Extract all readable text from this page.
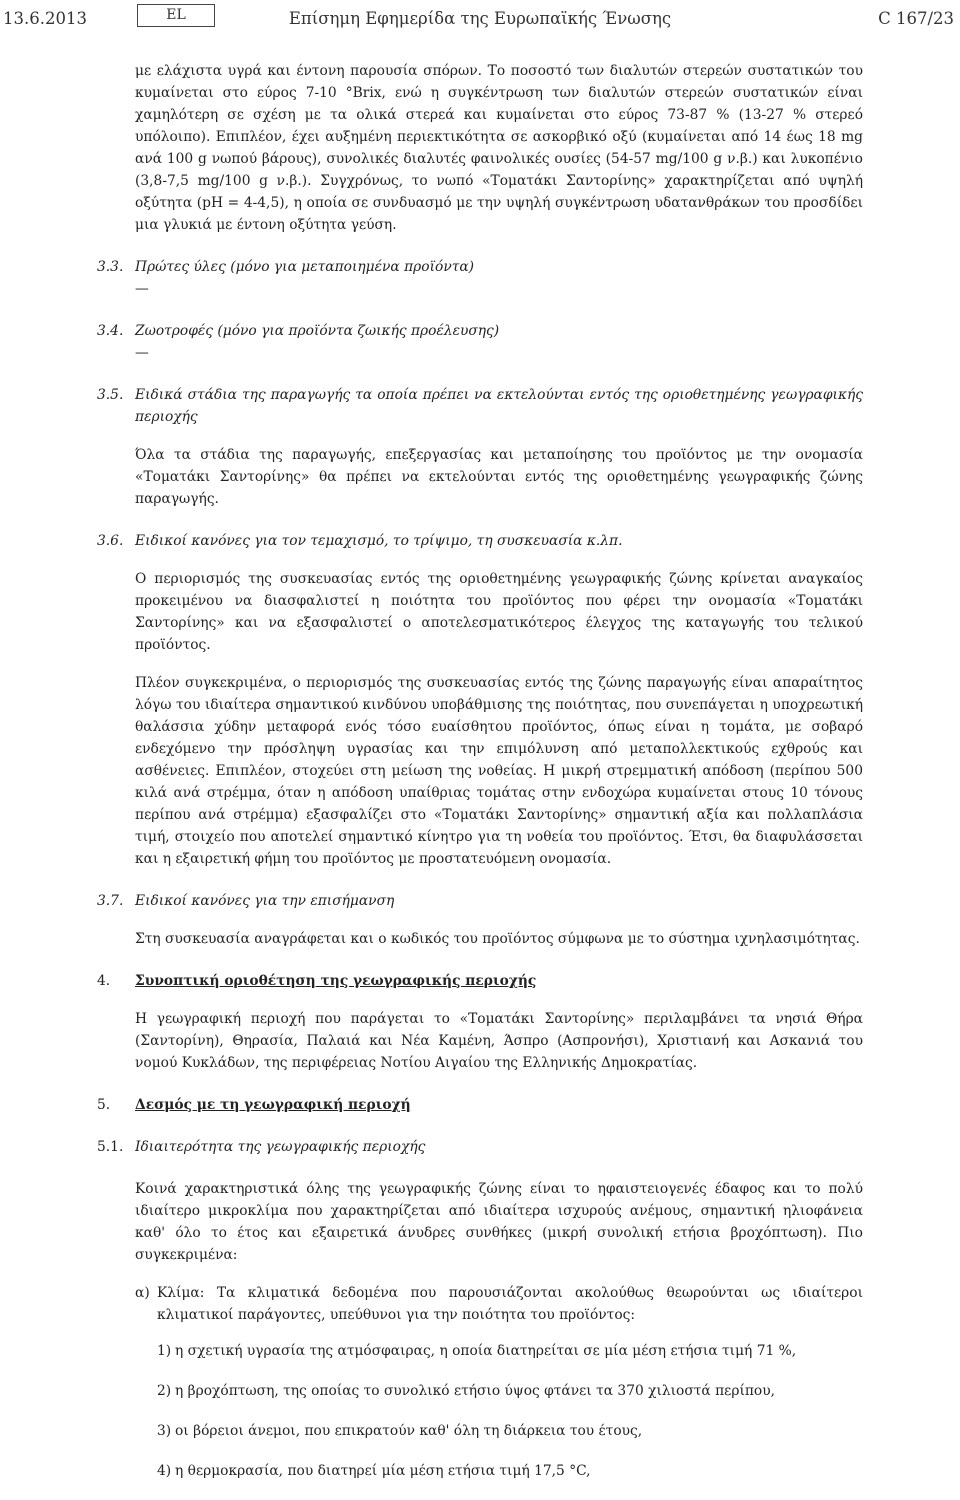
13.6.2013	EL	Επίσημη Εφημερίδα της Ευρωπαϊκής Ένωσης	C 167/23

με ελάχιστα υγρά και έντονη παρουσία σπόρων. Το ποσοστό των διαλυτών στερεών συστατικών του κυμαίνεται στο εύρος 7-10 °Brix, ενώ η συγκέντρωση των διαλυτών στερεών συστατικών είναι χαμηλότερη σε σχέση με τα ολικά στερεά και κυμαίνεται στο εύρος 73-87 % (13-27 % στερεό υπόλοιπο). Επιπλέον, έχει αυξημένη περιεκτικότητα σε ασκορβικό οξύ (κυμαίνεται από 14 έως 18 mg ανά 100 g νωπού βάρους), συνολικές διαλυτές φαινολικές ουσίες (54-57 mg/100 g ν.β.) και λυκοπένιο (3,8-7,5 mg/100 g ν.β.). Συγχρόνως, το νωπό «Τοματάκι Σαντορίνης» χαρακτηρίζεται από υψηλή οξύτητα (pH = 4-4,5), η οποία σε συνδυασμό με την υψηλή συγκέντρωση υδατανθράκων του προσδίδει μια γλυκιά με έντονη οξύτητα γεύση.

3.3. Πρώτες ύλες (μόνο για μεταποιημένα προϊόντα)

—

3.4. Ζωοτροφές (μόνο για προϊόντα ζωικής προέλευσης)

—

3.5. Ειδικά στάδια της παραγωγής τα οποία πρέπει να εκτελούνται εντός της οριοθετημένης γεωγραφικής περιοχής

Όλα τα στάδια της παραγωγής, επεξεργασίας και μεταποίησης του προϊόντος με την ονομασία «Τοματάκι Σαντορίνης» θα πρέπει να εκτελούνται εντός της οριοθετημένης γεωγραφικής ζώνης παραγωγής.

3.6. Ειδικοί κανόνες για τον τεμαχισμό, το τρίψιμο, τη συσκευασία κ.λπ.

Ο περιορισμός της συσκευασίας εντός της οριοθετημένης γεωγραφικής ζώνης κρίνεται αναγκαίος προκειμένου να διασφαλιστεί η ποιότητα του προϊόντος που φέρει την ονομασία «Τοματάκι Σαντορίνης» και να εξασφαλιστεί ο αποτελεσματικότερος έλεγχος της καταγωγής του τελικού προϊόντος.

Πλέον συγκεκριμένα, ο περιορισμός της συσκευασίας εντός της ζώνης παραγωγής είναι απαραίτητος λόγω του ιδιαίτερα σημαντικού κινδύνου υποβάθμισης της ποιότητας, που συνεπάγεται η υποχρεωτική θαλάσσια χύδην μεταφορά ενός τόσο ευαίσθητου προϊόντος, όπως είναι η τομάτα, με σοβαρό ενδεχόμενο την πρόσληψη υγρασίας και την επιμόλυνση από μεταπολλεκτικούς εχθρούς και ασθένειες. Επιπλέον, στοχεύει στη μείωση της νοθείας. Η μικρή στρεμματική απόδοση (περίπου 500 κιλά ανά στρέμμα, όταν η απόδοση υπαίθριας τομάτας στην ενδοχώρα κυμαίνεται στους 10 τόνους περίπου ανά στρέμμα) εξασφαλίζει στο «Τοματάκι Σαντορίνης» σημαντική αξία και πολλαπλάσια τιμή, στοιχείο που αποτελεί σημαντικό κίνητρο για τη νοθεία του προϊόντος. Έτσι, θα διαφυλάσσεται και η εξαιρετική φήμη του προϊόντος με προστατευόμενη ονομασία.

3.7. Ειδικοί κανόνες για την επισήμανση

Στη συσκευασία αναγράφεται και ο κωδικός του προϊόντος σύμφωνα με το σύστημα ιχνηλασιμότητας.

4. Συνοπτική οριοθέτηση της γεωγραφικής περιοχής

Η γεωγραφική περιοχή που παράγεται το «Τοματάκι Σαντορίνης» περιλαμβάνει τα νησιά Θήρα (Σαντορίνη), Θηρασία, Παλαιά και Νέα Καμένη, Άσπρο (Ασπρονήσι), Χριστιανή και Ασκανιά του νομού Κυκλάδων, της περιφέρειας Νοτίου Αιγαίου της Ελληνικής Δημοκρατίας.

5. Δεσμός με τη γεωγραφική περιοχή

5.1. Ιδιαιτερότητα της γεωγραφικής περιοχής

Κοινά χαρακτηριστικά όλης της γεωγραφικής ζώνης είναι το ηφαιστειογενές έδαφος και το πολύ ιδιαίτερο μικροκλίμα που χαρακτηρίζεται από ιδιαίτερα ισχυρούς ανέμους, σημαντική ηλιοφάνεια καθ' όλο το έτος και εξαιρετικά άνυδρες συνθήκες (μικρή συνολική ετήσια βροχόπτωση). Πιο συγκεκριμένα:

α) Κλίμα: Τα κλιματικά δεδομένα που παρουσιάζονται ακολούθως θεωρούνται ως ιδιαίτεροι κλιματικοί παράγοντες, υπεύθυνοι για την ποιότητα του προϊόντος:

1) η σχετική υγρασία της ατμόσφαιρας, η οποία διατηρείται σε μία μέση ετήσια τιμή 71 %,

2) η βροχόπτωση, της οποίας το συνολικό ετήσιο ύψος φτάνει τα 370 χιλιοστά περίπου,

3) οι βόρειοι άνεμοι, που επικρατούν καθ' όλη τη διάρκεια του έτους,

4) η θερμοκρασία, που διατηρεί μία μέση ετήσια τιμή 17,5 °C,
